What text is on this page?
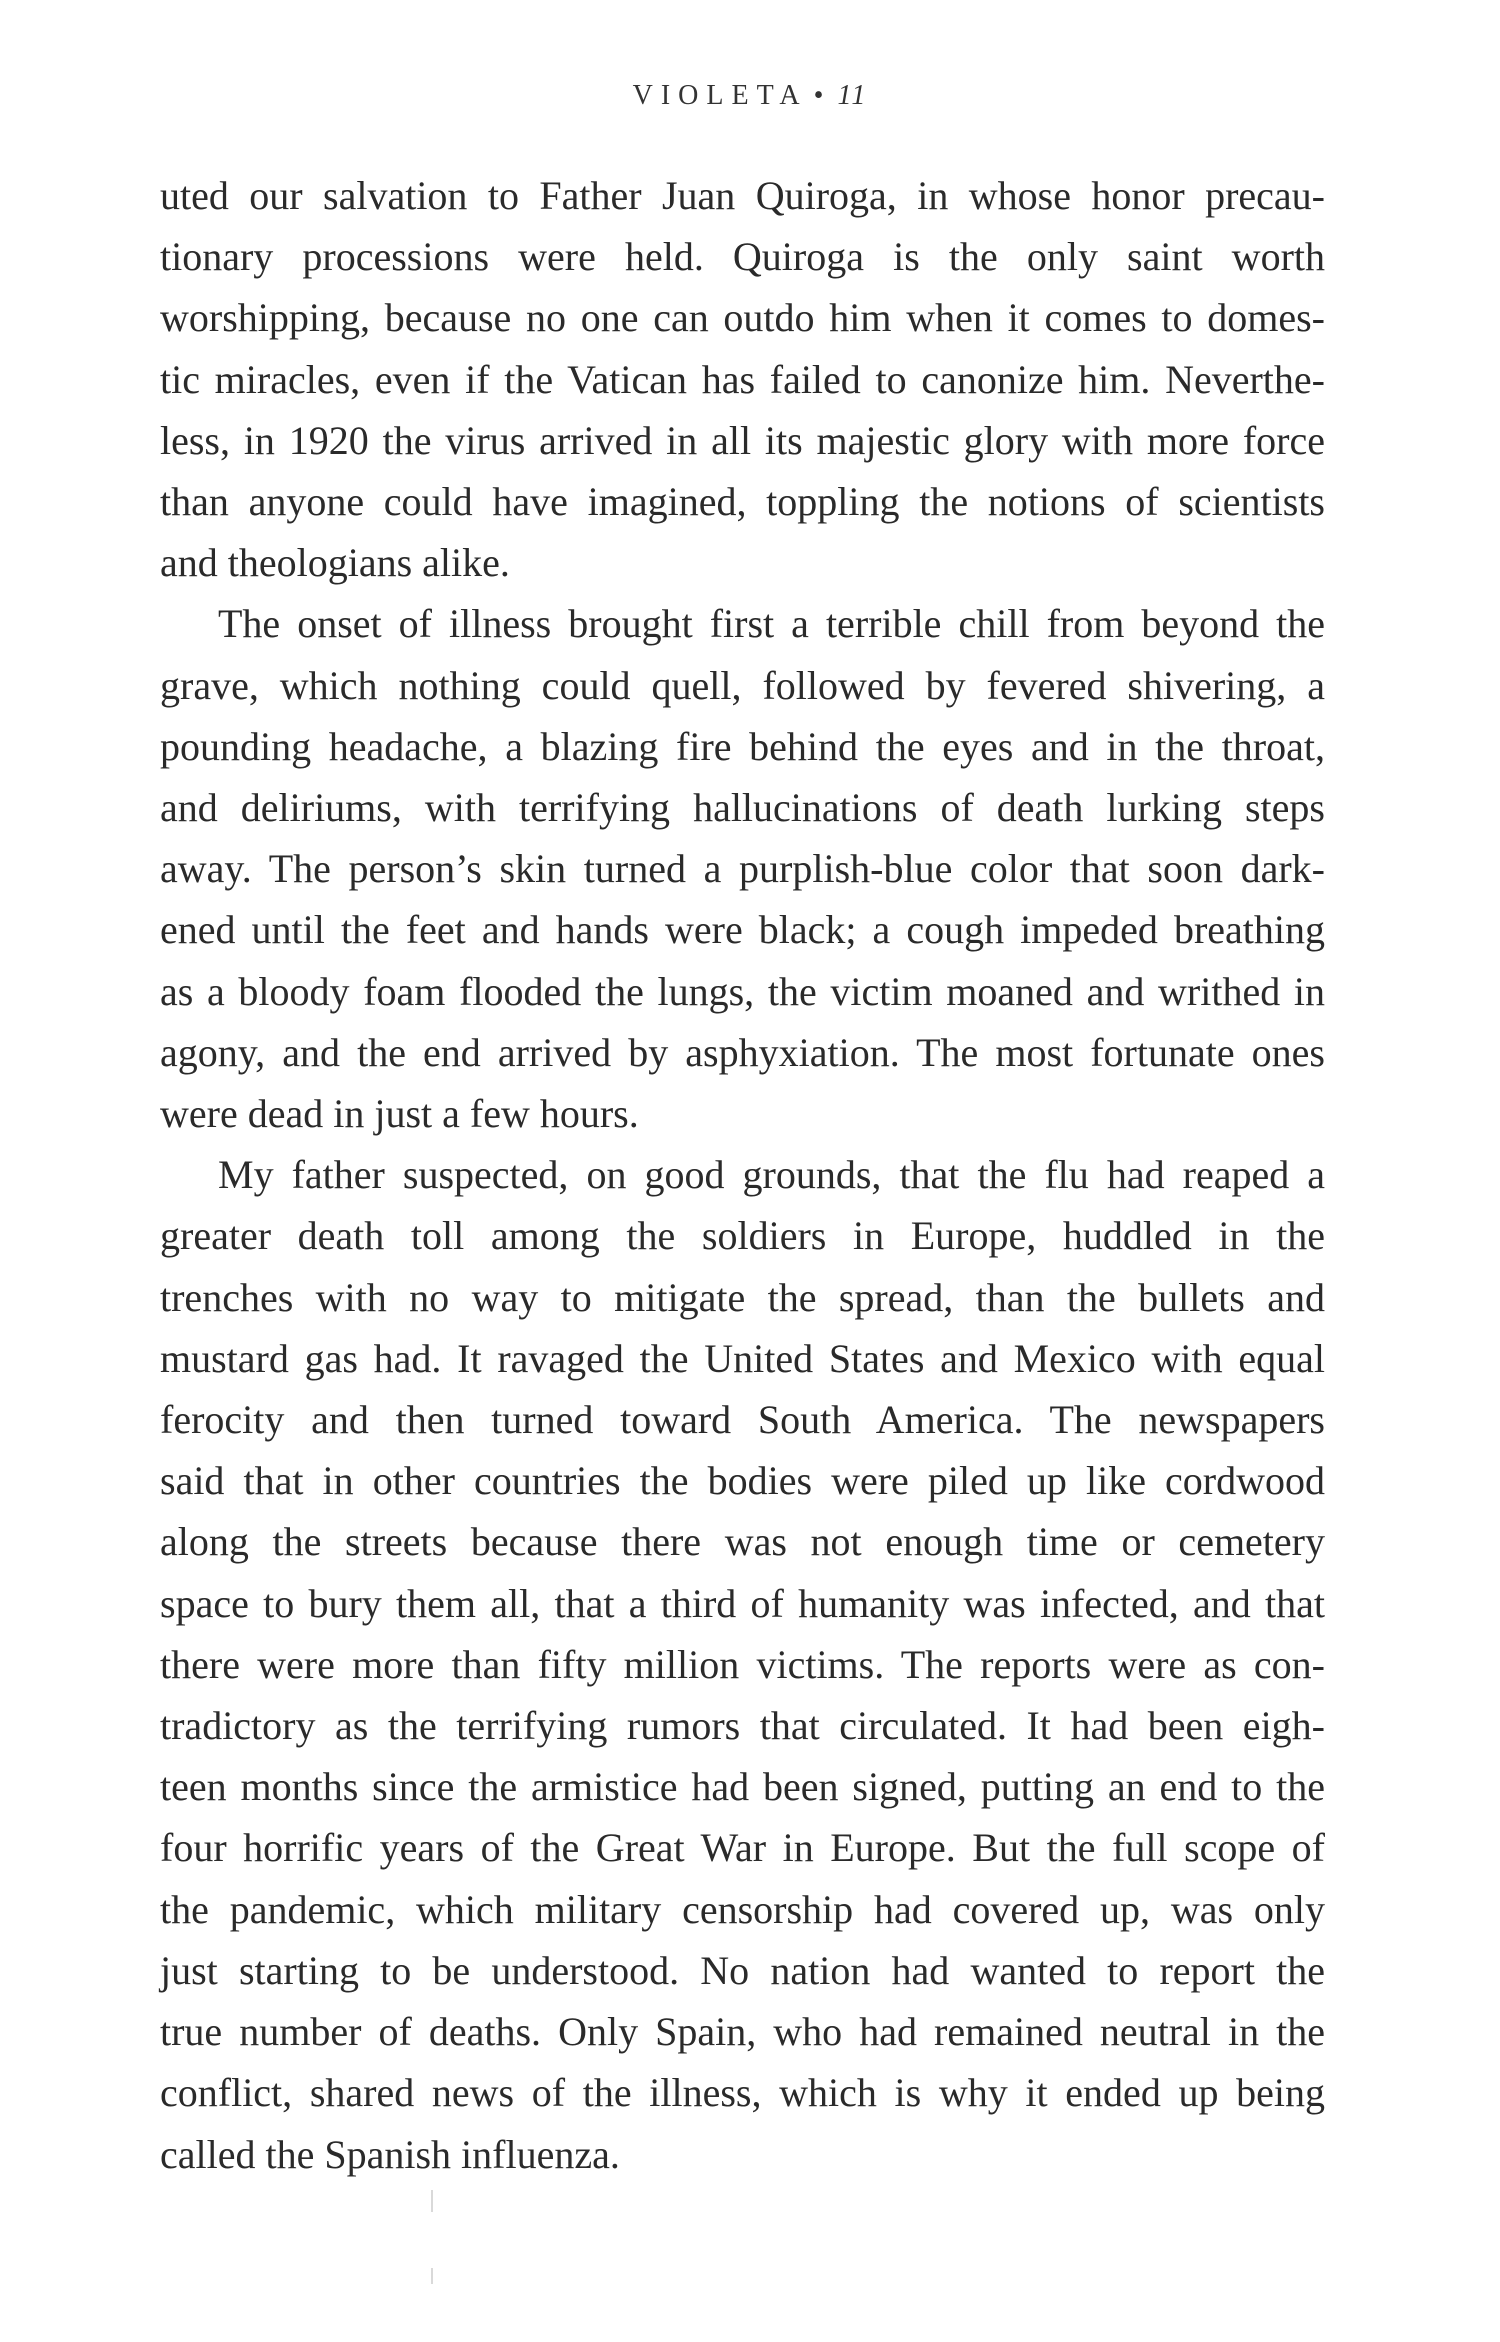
VIOLETA • 11

uted our salvation to Father Juan Quiroga, in whose honor precau-
tionary processions were held. Quiroga is the only saint worth
worshipping, because no one can outdo him when it comes to domes-
tic miracles, even if the Vatican has failed to canonize him. Neverthe-
less, in 1920 the virus arrived in all its majestic glory with more force
than anyone could have imagined, toppling the notions of scientists
and theologians alike.

The onset of illness brought first a terrible chill from beyond the
grave, which nothing could quell, followed by fevered shivering, a
pounding headache, a blazing fire behind the eyes and in the throat,
and deliriums, with terrifying hallucinations of death lurking steps
away. The person’s skin turned a purplish-blue color that soon dark-
ened until the feet and hands were black; a cough impeded breathing
as a bloody foam flooded the lungs, the victim moaned and writhed in
agony, and the end arrived by asphyxiation. The most fortunate ones
were dead in just a few hours.

My father suspected, on good grounds, that the flu had reaped a
greater death toll among the soldiers in Europe, huddled in the
trenches with no way to mitigate the spread, than the bullets and
mustard gas had. It ravaged the United States and Mexico with equal
ferocity and then turned toward South America. The newspapers
said that in other countries the bodies were piled up like cordwood
along the streets because there was not enough time or cemetery
space to bury them all, that a third of humanity was infected, and that
there were more than fifty million victims. The reports were as con-
tradictory as the terrifying rumors that circulated. It had been eigh-
teen months since the armistice had been signed, putting an end to the
four horrific years of the Great War in Europe. But the full scope of
the pandemic, which military censorship had covered up, was only
just starting to be understood. No nation had wanted to report the
true number of deaths. Only Spain, who had remained neutral in the
conflict, shared news of the illness, which is why it ended up being
called the Spanish influenza.
